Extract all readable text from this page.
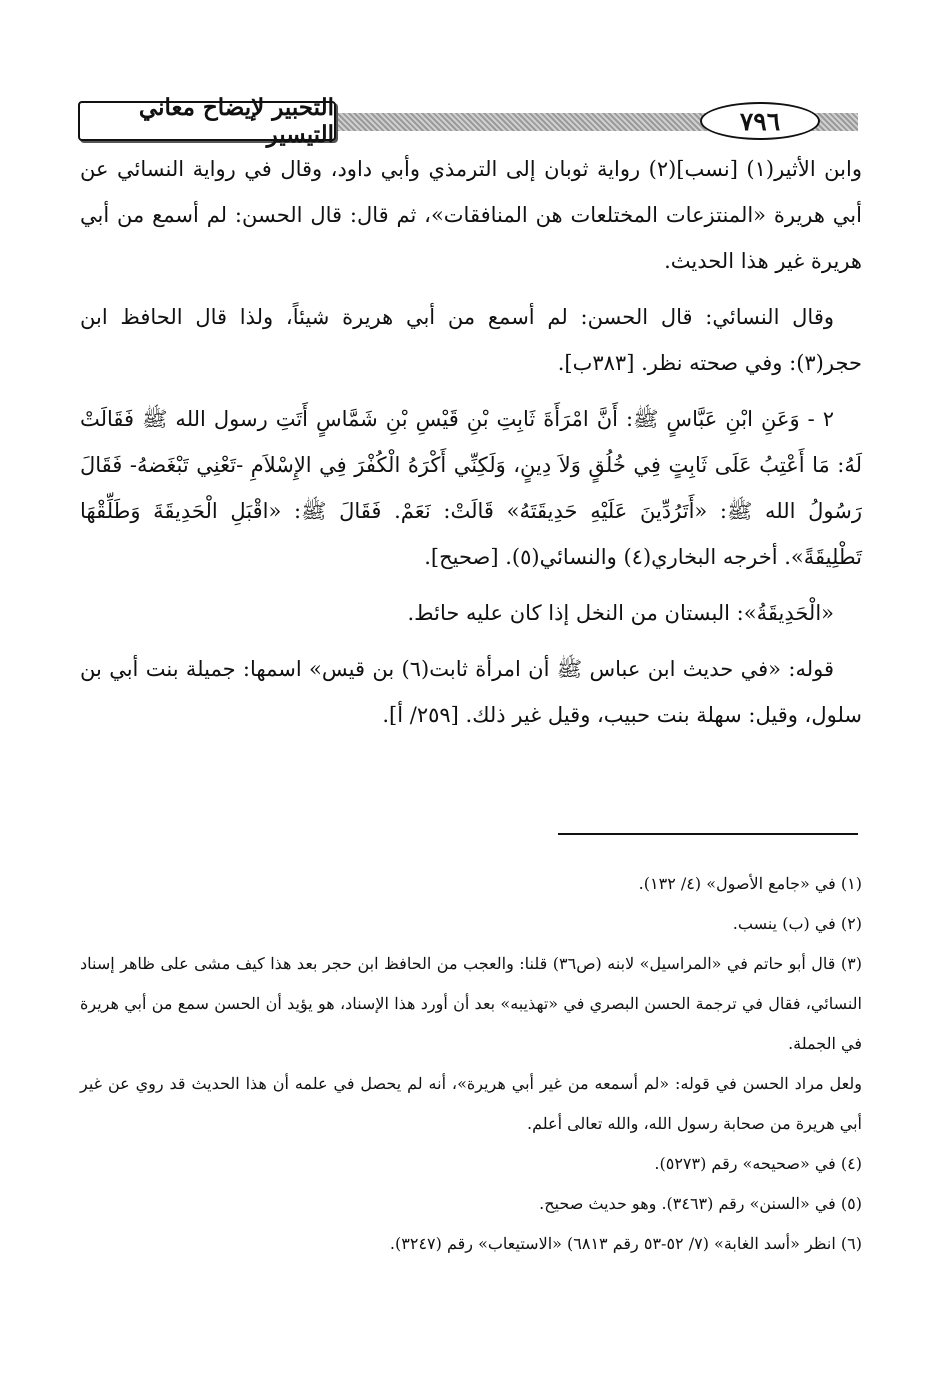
التحبير لإيضاح معاني التيسير	٧٩٦

وابن الأثير(١) [نسب](٢) رواية ثوبان إلى الترمذي وأبي داود، وقال في رواية النسائي عن أبي هريرة «المنتزعات المختلعات هن المنافقات»، ثم قال: قال الحسن: لم أسمع من أبي هريرة غير هذا الحديث.

وقال النسائي: قال الحسن: لم أسمع من أبي هريرة شيئاً، ولذا قال الحافظ ابن حجر(٣): وفي صحته نظر. [٣٨٣ب].

٢ - وَعَنِ ابْنِ عَبَّاسٍ ﷺ: أَنَّ امْرَأَةَ ثَابِتِ بْنِ قَيْسِ بْنِ شَمَّاسٍ أَتَتِ رسول الله ﷺ فَقَالَتْ لَهُ: مَا أَعْتِبُ عَلَى ثَابِتٍ فِي خُلُقٍ وَلاَ دِينٍ، وَلَكِنِّي أَكْرَهُ الْكُفْرَ فِي الإِسْلاَمِ -تَعْنِي تَبْغَضهُ- فَقَالَ رَسُولُ الله ﷺ: «أَتَرُدِّينَ عَلَيْهِ حَدِيقَتَهُ» قَالَتْ: نَعَمْ. فَقَالَ ﷺ: «اقْبَلِ الْحَدِيقَةَ وَطَلِّقْهَا تَطْلِيقَةً». أخرجه البخاري(٤) والنسائي(٥). [صحيح].

«الْحَدِيقَةُ»: البستان من النخل إذا كان عليه حائط.

قوله: «في حديث ابن عباس ﷺ أن امرأة ثابت(٦) بن قيس» اسمها: جميلة بنت أبي بن سلول، وقيل: سهلة بنت حبيب، وقيل غير ذلك. [٢٥٩/ أ].

(١) في «جامع الأصول» (٤/ ١٣٢).

(٢) في (ب) ينسب.

(٣) قال أبو حاتم في «المراسيل» لابنه (ص٣٦) قلنا: والعجب من الحافظ ابن حجر بعد هذا كيف مشى على ظاهر إسناد النسائي، فقال في ترجمة الحسن البصري في «تهذيبه» بعد أن أورد هذا الإسناد، هو يؤيد أن الحسن سمع من أبي هريرة في الجملة.

ولعل مراد الحسن في قوله: «لم أسمعه من غير أبي هريرة»، أنه لم يحصل في علمه أن هذا الحديث قد روي عن غير أبي هريرة من صحابة رسول الله، والله تعالى أعلم.

(٤) في «صحيحه» رقم (٥٢٧٣).

(٥) في «السنن» رقم (٣٤٦٣). وهو حديث صحيح.

(٦) انظر «أسد الغابة» (٧/ ٥٢-٥٣ رقم ٦٨١٣) «الاستيعاب» رقم (٣٢٤٧).
